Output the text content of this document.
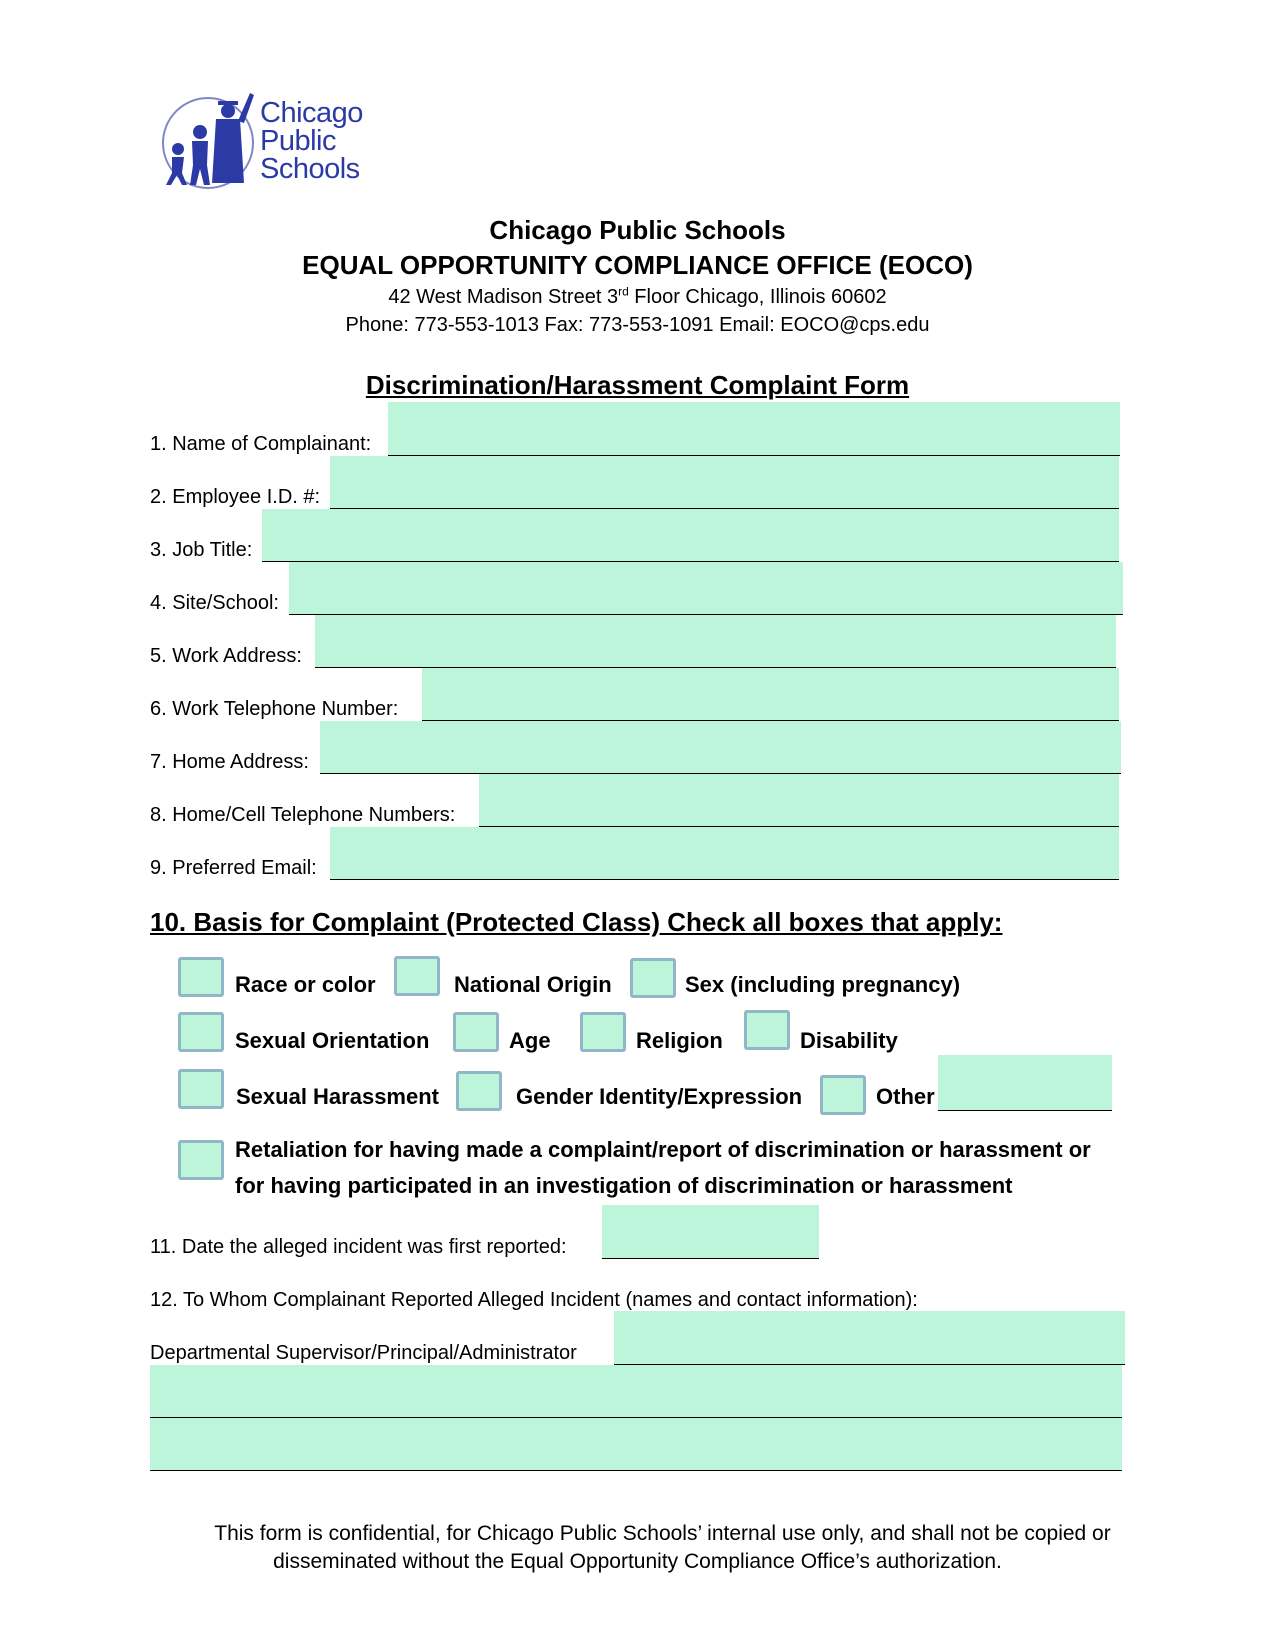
Chicago
Public
Schools
Chicago Public Schools
EQUAL OPPORTUNITY COMPLIANCE OFFICE (EOCO)
42 West Madison Street 3rd Floor Chicago, Illinois 60602
Phone: 773-553-1013 Fax: 773-553-1091 Email: EOCO@cps.edu
Discrimination/Harassment Complaint Form
1. Name of Complainant:
2. Employee I.D. #:
3. Job Title:
4. Site/School:
5. Work Address:
6. Work Telephone Number:
7. Home Address:
8. Home/Cell Telephone Numbers:
9. Preferred Email:
10. Basis for Complaint (Protected Class) Check all boxes that apply:
Race or color	National Origin	Sex (including pregnancy)
Sexual Orientation	Age	Religion	Disability
Sexual Harassment	Gender Identity/Expression	Other
Retaliation for having made a complaint/report of discrimination or harassment or for having participated in an investigation of discrimination or harassment
11. Date the alleged incident was first reported:
12. To Whom Complainant Reported Alleged Incident (names and contact information):
Departmental Supervisor/Principal/Administrator
This form is confidential, for Chicago Public Schools’ internal use only, and shall not be copied or
disseminated without the Equal Opportunity Compliance Office’s authorization.
